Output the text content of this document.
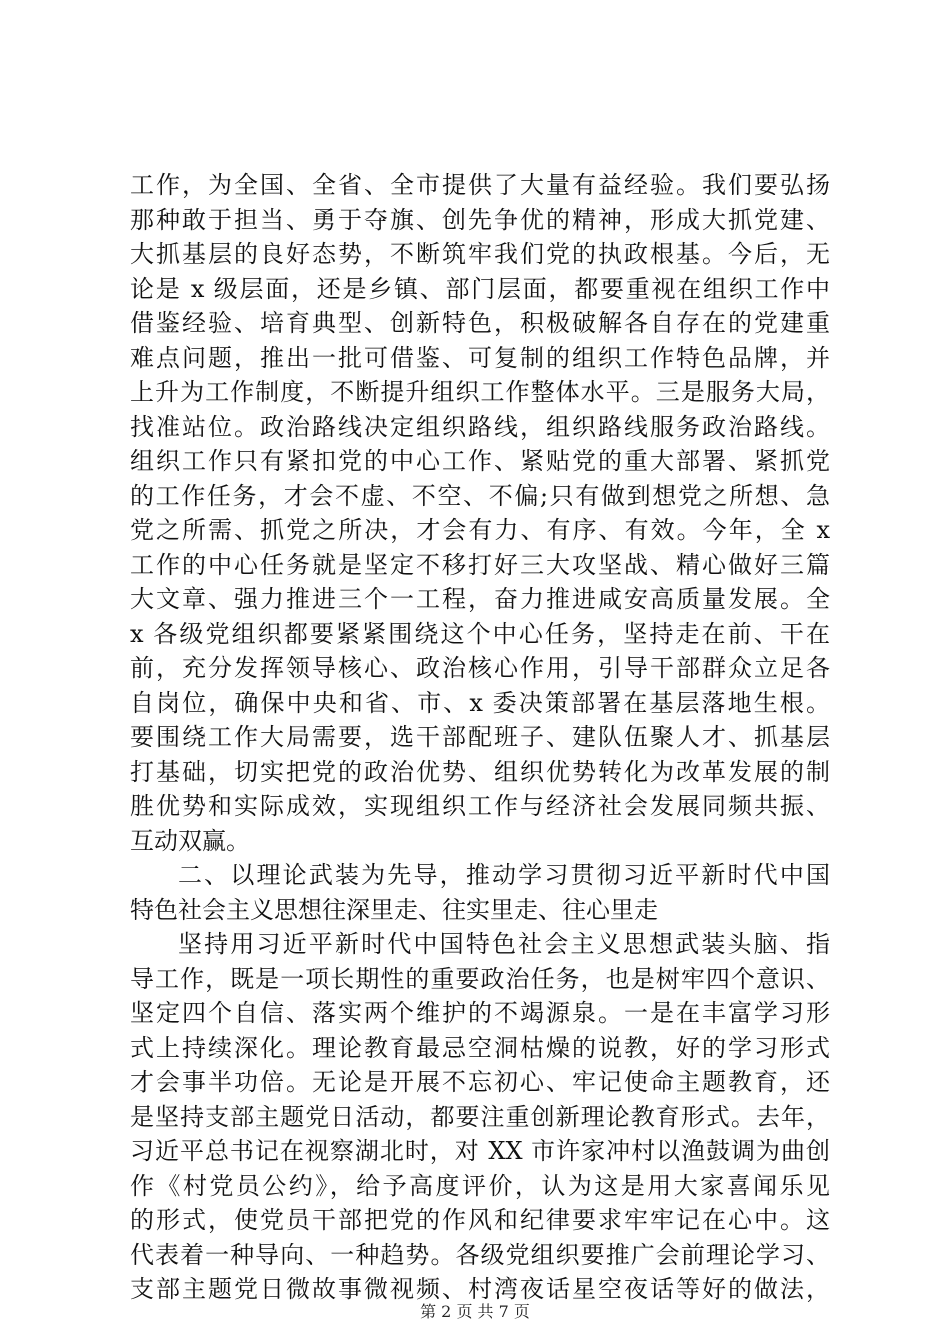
工作，为全国、全省、全市提供了大量有益经验。我们要弘扬
那种敢于担当、勇于夺旗、创先争优的精神，形成大抓党建、
大抓基层的良好态势，不断筑牢我们党的执政根基。今后，无
论是 x 级层面，还是乡镇、部门层面，都要重视在组织工作中
借鉴经验、培育典型、创新特色，积极破解各自存在的党建重
难点问题，推出一批可借鉴、可复制的组织工作特色品牌，并
上升为工作制度，不断提升组织工作整体水平。三是服务大局，
找准站位。政治路线决定组织路线，组织路线服务政治路线。
组织工作只有紧扣党的中心工作、紧贴党的重大部署、紧抓党
的工作任务，才会不虚、不空、不偏;只有做到想党之所想、急
党之所需、抓党之所决，才会有力、有序、有效。今年，全 x
工作的中心任务就是坚定不移打好三大攻坚战、精心做好三篇
大文章、强力推进三个一工程，奋力推进咸安高质量发展。全
x 各级党组织都要紧紧围绕这个中心任务，坚持走在前、干在
前，充分发挥领导核心、政治核心作用，引导干部群众立足各
自岗位，确保中央和省、市、x 委决策部署在基层落地生根。
要围绕工作大局需要，选干部配班子、建队伍聚人才、抓基层
打基础，切实把党的政治优势、组织优势转化为改革发展的制
胜优势和实际成效，实现组织工作与经济社会发展同频共振、
互动双赢。
二、以理论武装为先导，推动学习贯彻习近平新时代中国
特色社会主义思想往深里走、往实里走、往心里走
坚持用习近平新时代中国特色社会主义思想武装头脑、指
导工作，既是一项长期性的重要政治任务，也是树牢四个意识、
坚定四个自信、落实两个维护的不竭源泉。一是在丰富学习形
式上持续深化。理论教育最忌空洞枯燥的说教，好的学习形式
才会事半功倍。无论是开展不忘初心、牢记使命主题教育，还
是坚持支部主题党日活动，都要注重创新理论教育形式。去年，
习近平总书记在视察湖北时，对 XX 市许家冲村以渔鼓调为曲创
作《村党员公约》，给予高度评价，认为这是用大家喜闻乐见
的形式，使党员干部把党的作风和纪律要求牢牢记在心中。这
代表着一种导向、一种趋势。各级党组织要推广会前理论学习、
支部主题党日微故事微视频、村湾夜话星空夜话等好的做法，
第 2 页 共 7 页
